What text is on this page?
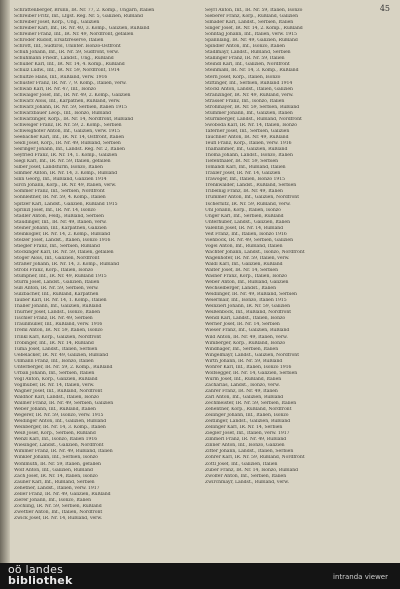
45
Schrattenberger, Brünn, IR. Nr. 77, 2. Komp., Ungarn, Italien
Schreiber Fritz, Inf., Lfgst. Reg. Nr. 5, Galizien, Rußland
Schreiber Josef, Korp., Ung., Galizien
Schreiber Karl, Inf., IR. Nr. 40, 3. Komp., Galizien, Rußland
Schreiner Franz, Inf., IR. Nr. 49, Nordfront, gefallen
Schröder Rudolf, Ersatzreserve, Italien
Schrott, Inf., Südtirol, Uninter. Isonzo-Ostfront
Schuh Johann, Inf., IR. Nr. 59, Südfront, verw.
Schuhmann Friedr., Landst., Ung., Rußland
Schuller Karl, Inf., IR. Nr. 14, 4. Komp., Rußland
Schulz Ludw., Inf., IR. Nr. 59, Nordfront, 1914
Schultze Hans, Inf., Rußland, verw. 1916
Schuster Franz, IR. Nr. 7, 9. Komp., Italien, verw.
Schwab Karl, IR. Nr. 47, Inf., Isonzo
Schwaiger Josef, Inf., IR. Nr. 49, 2. Komp., Galizien
Schwarz Alois, Inf., Karpathen, Rußland, verw.
Schwarz Johann, IR. Nr. 59, Serbien, Italien 1915
Schwarzbauer Leop., Inf., Isonzo, Rußland
Schwarzinger, Korp., IR. Nr. 14, Nordfront, Rußland
Schweiger Franz, IR. Nr. 59, 2. Komp., Serbien
Schweighofer Anton, Inf., Galizien, verw. 1915
Seebacher Karl, Inf., IR. Nr. 14, Ostfront, Italien
Seidl Josef, Korp., IR. Nr. 49, Rußland, Serbien
Seiringer Johann, Inf., Landst. Reg. Nr. 2, Italien
Seyfried Franz, IR. Nr. 14, 1. Komp., Galizien
Siegl Karl, Inf., IR. Nr. 59, Italien, gefallen
Silber Josef, Landsturm, Isonzo, Italien
Simmer Anton, IR. Nr. 14, 3. Komp., Rußland
Sinn Georg, Inf., Rußland, Galizien 1914
Sirch Johann, Korp., IR. Nr. 49, Italien, verw.
Sommer Franz, Inf., Serbien, Nordfront
Sonnleitner, IR. Nr. 59, 4. Komp., Italien
Spitzer Karl, Landst., Galizien, Rußland 1915
Sprinzl Josef, Inf., IR. Nr. 14, Isonzo
Stadler Anton, Feldj., Rußland, Serbien
Staudinger, Inf., IR. Nr. 49, Italien, verw.
Steiner Johann, Inf., Karpathen, Galizien
Steinkogler, IR. Nr. 14, 2. Komp., Rußland
Stelzer Josef, Landst., Italien, Isonzo 1916
Stiegler Franz, Inf., Serbien, Rußland
Stockinger Karl, IR. Nr. 59, Italien, gefallen
Stöger Alois, Inf., Galizien, Nordfront
Straßer Johann, IR. Nr. 14, 3. Komp., Rußland
Strobl Franz, Korp., Italien, Isonzo
Stumpner, Inf., IR. Nr. 49, Rußland 1915
Sturm Josef, Landst., Galizien, Italien
Süß Anton, IR. Nr. 59, Serbien, verw.
Sulzbacher, Inf., Rußland, Karpathen
Tauber Karl, IR. Nr. 14, 1. Komp., Italien
Thaller Johann, Inf., Galizien, Rußland
Thurner Josef, Landst., Isonzo, Italien
Tischler Franz, IR. Nr. 49, Serbien
Traunmüller, Inf., Rußland, verw. 1916
Treml Anton, IR. Nr. 59, Italien, Isonzo
Trinkl Karl, Korp., Galizien, Nordfront
Tröbinger, Inf., IR. Nr. 14, Rußland
Tuma Josef, Landst., Italien, Serbien
Uebelacker, IR. Nr. 49, Galizien, Rußland
Ullmann Franz, Inf., Isonzo, Italien
Unterberger, IR. Nr. 59, 2. Komp., Rußland
Urban Johann, Inf., Serbien, Italien
Vogl Anton, Korp., Galizien, Rußland
Voglhuber, IR. Nr. 14, Italien, verw.
Wagner Josef, Inf., Rußland, Nordfront
Waldhör Karl, Landst., Italien, Isonzo
Wallner Franz, IR. Nr. 49, Serbien, Galizien
Weber Johann, Inf., Rußland, Italien
Wegerer, IR. Nr. 59, Isonzo, verw. 1915
Weidinger Anton, Inf., Galizien, Rußland
Weinberger, IR. Nr. 14, 3. Komp., Italien
Weiß Josef, Korp., Serbien, Rußland
Wenzl Karl, Inf., Isonzo, Italien 1916
Wiesinger, Landst., Galizien, Nordfront
Wimmer Franz, IR. Nr. 49, Rußland, Italien
Winkler Johann, Inf., Serbien, Isonzo
Wohlmuth, IR. Nr. 59, Italien, gefallen
Wolf Anton, Inf., Galizien, Rußland
Zach Josef, IR. Nr. 14, Italien, Isonzo
Zauner Karl, Inf., Rußland, Serbien
Zehetner, Landst., Italien, verw. 1917
Zeller Franz, IR. Nr. 49, Galizien, Rußland
Zierer Johann, Inf., Isonzo, Italien
Zöchling, IR. Nr. 59, Serbien, Rußland
Zwettler Anton, Inf., Italien, Nordfront
Zwick Josef, IR. Nr. 14, Rußland, verw.
Seyrl Anton, Inf., IR. Nr. 59, Italien, Isonzo
Sieberer Franz, Korp., Rußland, Galizien
Simader Karl, Landst., Serbien, Italien
Singer Josef, IR. Nr. 14, 2. Komp., Rußland
Sonntag Johann, Inf., Italien, verw. 1915
Spannlang, IR. Nr. 49, Galizien, Rußland
Spindler Anton, Inf., Isonzo, Italien
Stadlmayr, Landst., Rußland, Serbien
Stallinger Franz, IR. Nr. 59, Italien
Steindl Karl, Inf., Galizien, Nordfront
Steinmaßl, IR. Nr. 14, 3. Komp., Rußland
Stern Josef, Korp., Italien, Isonzo
Stiftinger, Inf., Serbien, Rußland 1914
Stöckl Anton, Landst., Italien, Galizien
Stranzinger, IR. Nr. 49, Rußland, verw.
Strasser Franz, Inf., Isonzo, Italien
Strohmayer, IR. Nr. 59, Serbien, Rußland
Stummer Johann, Inf., Galizien, Italien
Sturmberger, Landst., Rußland, Nordfront
Swoboda Karl, IR. Nr. 14, Italien, Isonzo
Taferner Josef, Inf., Serbien, Galizien
Tauchner Anton, IR. Nr. 49, Rußland
Teufl Franz, Korp., Italien, verw. 1916
Thalhammer, Inf., Galizien, Rußland
Thoma Johann, Landst., Isonzo, Italien
Tiefenthaler, IR. Nr. 59, Serbien
Tomandl Karl, Inf., Rußland, Italien
Traxler Josef, IR. Nr. 14, Galizien
Trawöger, Inf., Italien, Isonzo 1915
Trenkwalder, Landst., Rußland, Serbien
Tribelnig Franz, IR. Nr. 49, Italien
Trummer Anton, Inf., Galizien, Nordfront
Tschernitz, IR. Nr. 59, Rußland, verw.
Uhl Johann, Korp., Italien, Isonzo
Unger Karl, Inf., Serbien, Rußland
Unterhuber, Landst., Galizien, Italien
Valentin Josef, IR. Nr. 14, Rußland
Veit Franz, Inf., Italien, Isonzo 1916
Viehböck, IR. Nr. 49, Serbien, Galizien
Vogel Anton, Inf., Rußland, Italien
Wachter Johann, Landst., Isonzo, Nordfront
Wagenhofer, IR. Nr. 59, Italien, verw.
Waldl Karl, Inf., Galizien, Rußland
Walter Josef, IR. Nr. 14, Serbien
Wasner Franz, Korp., Italien, Isonzo
Weber Anton, Inf., Rußland, Galizien
Wechselberger, Landst., Italien
Weidlinger, IR. Nr. 49, Rußland, Serbien
Weiermair, Inf., Isonzo, Italien 1915
Weinzierl Johann, IR. Nr. 59, Galizien
Weißenböck, Inf., Rußland, Nordfront
Wendl Karl, Landst., Italien, Isonzo
Werner Josef, IR. Nr. 14, Serbien
Wieser Franz, Inf., Galizien, Rußland
Wild Anton, IR. Nr. 49, Italien, verw.
Wimberger, Korp., Rußland, Isonzo
Windhager, Inf., Serbien, Italien
Wingelmayr, Landst., Galizien, Nordfront
Wirth Johann, IR. Nr. 59, Rußland
Wöhrer Karl, Inf., Italien, Isonzo 1916
Wolfsegger, IR. Nr. 14, Galizien, Serbien
Wurm Josef, Inf., Rußland, Italien
Zacharias, Landst., Isonzo, verw.
Zahrer Franz, IR. Nr. 49, Italien
Zarl Anton, Inf., Galizien, Rußland
Zechmeister, IR. Nr. 59, Serbien, Italien
Zehentner, Korp., Rußland, Nordfront
Zeilinger Johann, Inf., Italien, Isonzo
Zeitlinger, Landst., Galizien, Rußland
Zellinger Karl, IR. Nr. 14, Serbien
Ziegler Josef, Inf., Italien, verw. 1917
Zimmerl Franz, IR. Nr. 49, Rußland
Zinner Anton, Inf., Isonzo, Galizien
Zitter Johann, Landst., Italien, Serbien
Zöhrer Karl, IR. Nr. 59, Rußland, Nordfront
Zöttl Josef, Inf., Galizien, Italien
Zuber Franz, IR. Nr. 14, Isonzo, Rußland
Zwölfer Anton, Inf., Serbien, Italien
Zwirchmayr, Landst., Rußland, verw.
oö landes
bibliothek	intranda viewer
